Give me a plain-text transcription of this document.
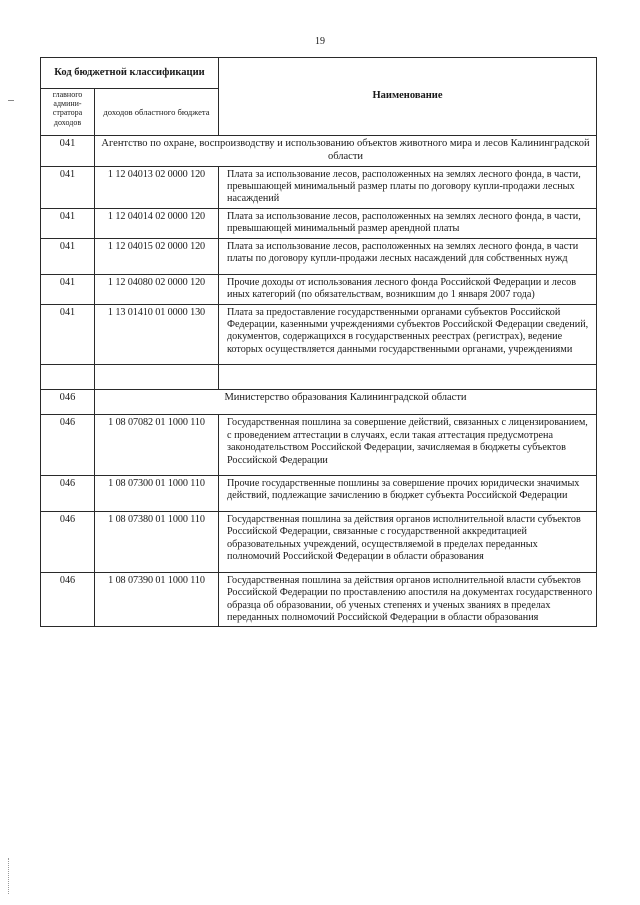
19
Код бюджетной классификации		Наименование
главного админи-стратора доходов	доходов областного бюджета	
041	Агентство по охране, воспроизводству и использованию объектов животного мира и лесов Калининградской области	
041	1 12 04013 02 0000 120	Плата за использование лесов, расположенных на землях лесного фонда, в части, превышающей минимальный размер платы по договору купли-продажи лесных насаждений
041	1 12 04014 02 0000 120	Плата за использование лесов, расположенных на землях лесного фонда, в части, превышающей минимальный размер арендной платы
041	1 12 04015 02 0000 120	Плата за использование лесов, расположенных на землях лесного фонда, в части платы по договору купли-продажи лесных насаждений для собственных нужд
041	1 12 04080 02 0000 120	Прочие доходы от использования лесного фонда Российской Федерации и лесов иных категорий (по обязательствам, возникшим до 1 января 2007 года)
041	1 13 01410 01 0000 130	Плата за предоставление государственными органами субъектов Российской Федерации, казенными учреждениями субъектов Российской Федерации сведений, документов, содержащихся в государственных реестрах (регистрах), ведение которых осуществляется данными государственными органами, учреждениями

046	Министерство образования Калининградской области	
046	1 08 07082 01 1000 110	Государственная пошлина за совершение действий, связанных с лицензированием, с проведением аттестации в случаях, если такая аттестация предусмотрена законодательством Российской Федерации, зачисляемая в бюджеты субъектов Российской Федерации
046	1 08 07300 01 1000 110	Прочие государственные пошлины за совершение прочих юридически значимых действий, подлежащие зачислению в бюджет субъекта Российской Федерации
046	1 08 07380 01 1000 110	Государственная пошлина за действия органов исполнительной власти субъектов Российской Федерации, связанные с государственной аккредитацией образовательных учреждений, осуществляемой в пределах переданных полномочий Российской Федерации в области образования
046	1 08 07390 01 1000 110	Государственная пошлина за действия органов исполнительной власти субъектов Российской Федерации по проставлению апостиля на документах государственного образца об образовании, об ученых степенях и ученых званиях в пределах переданных полномочий Российской Федерации в области образования
